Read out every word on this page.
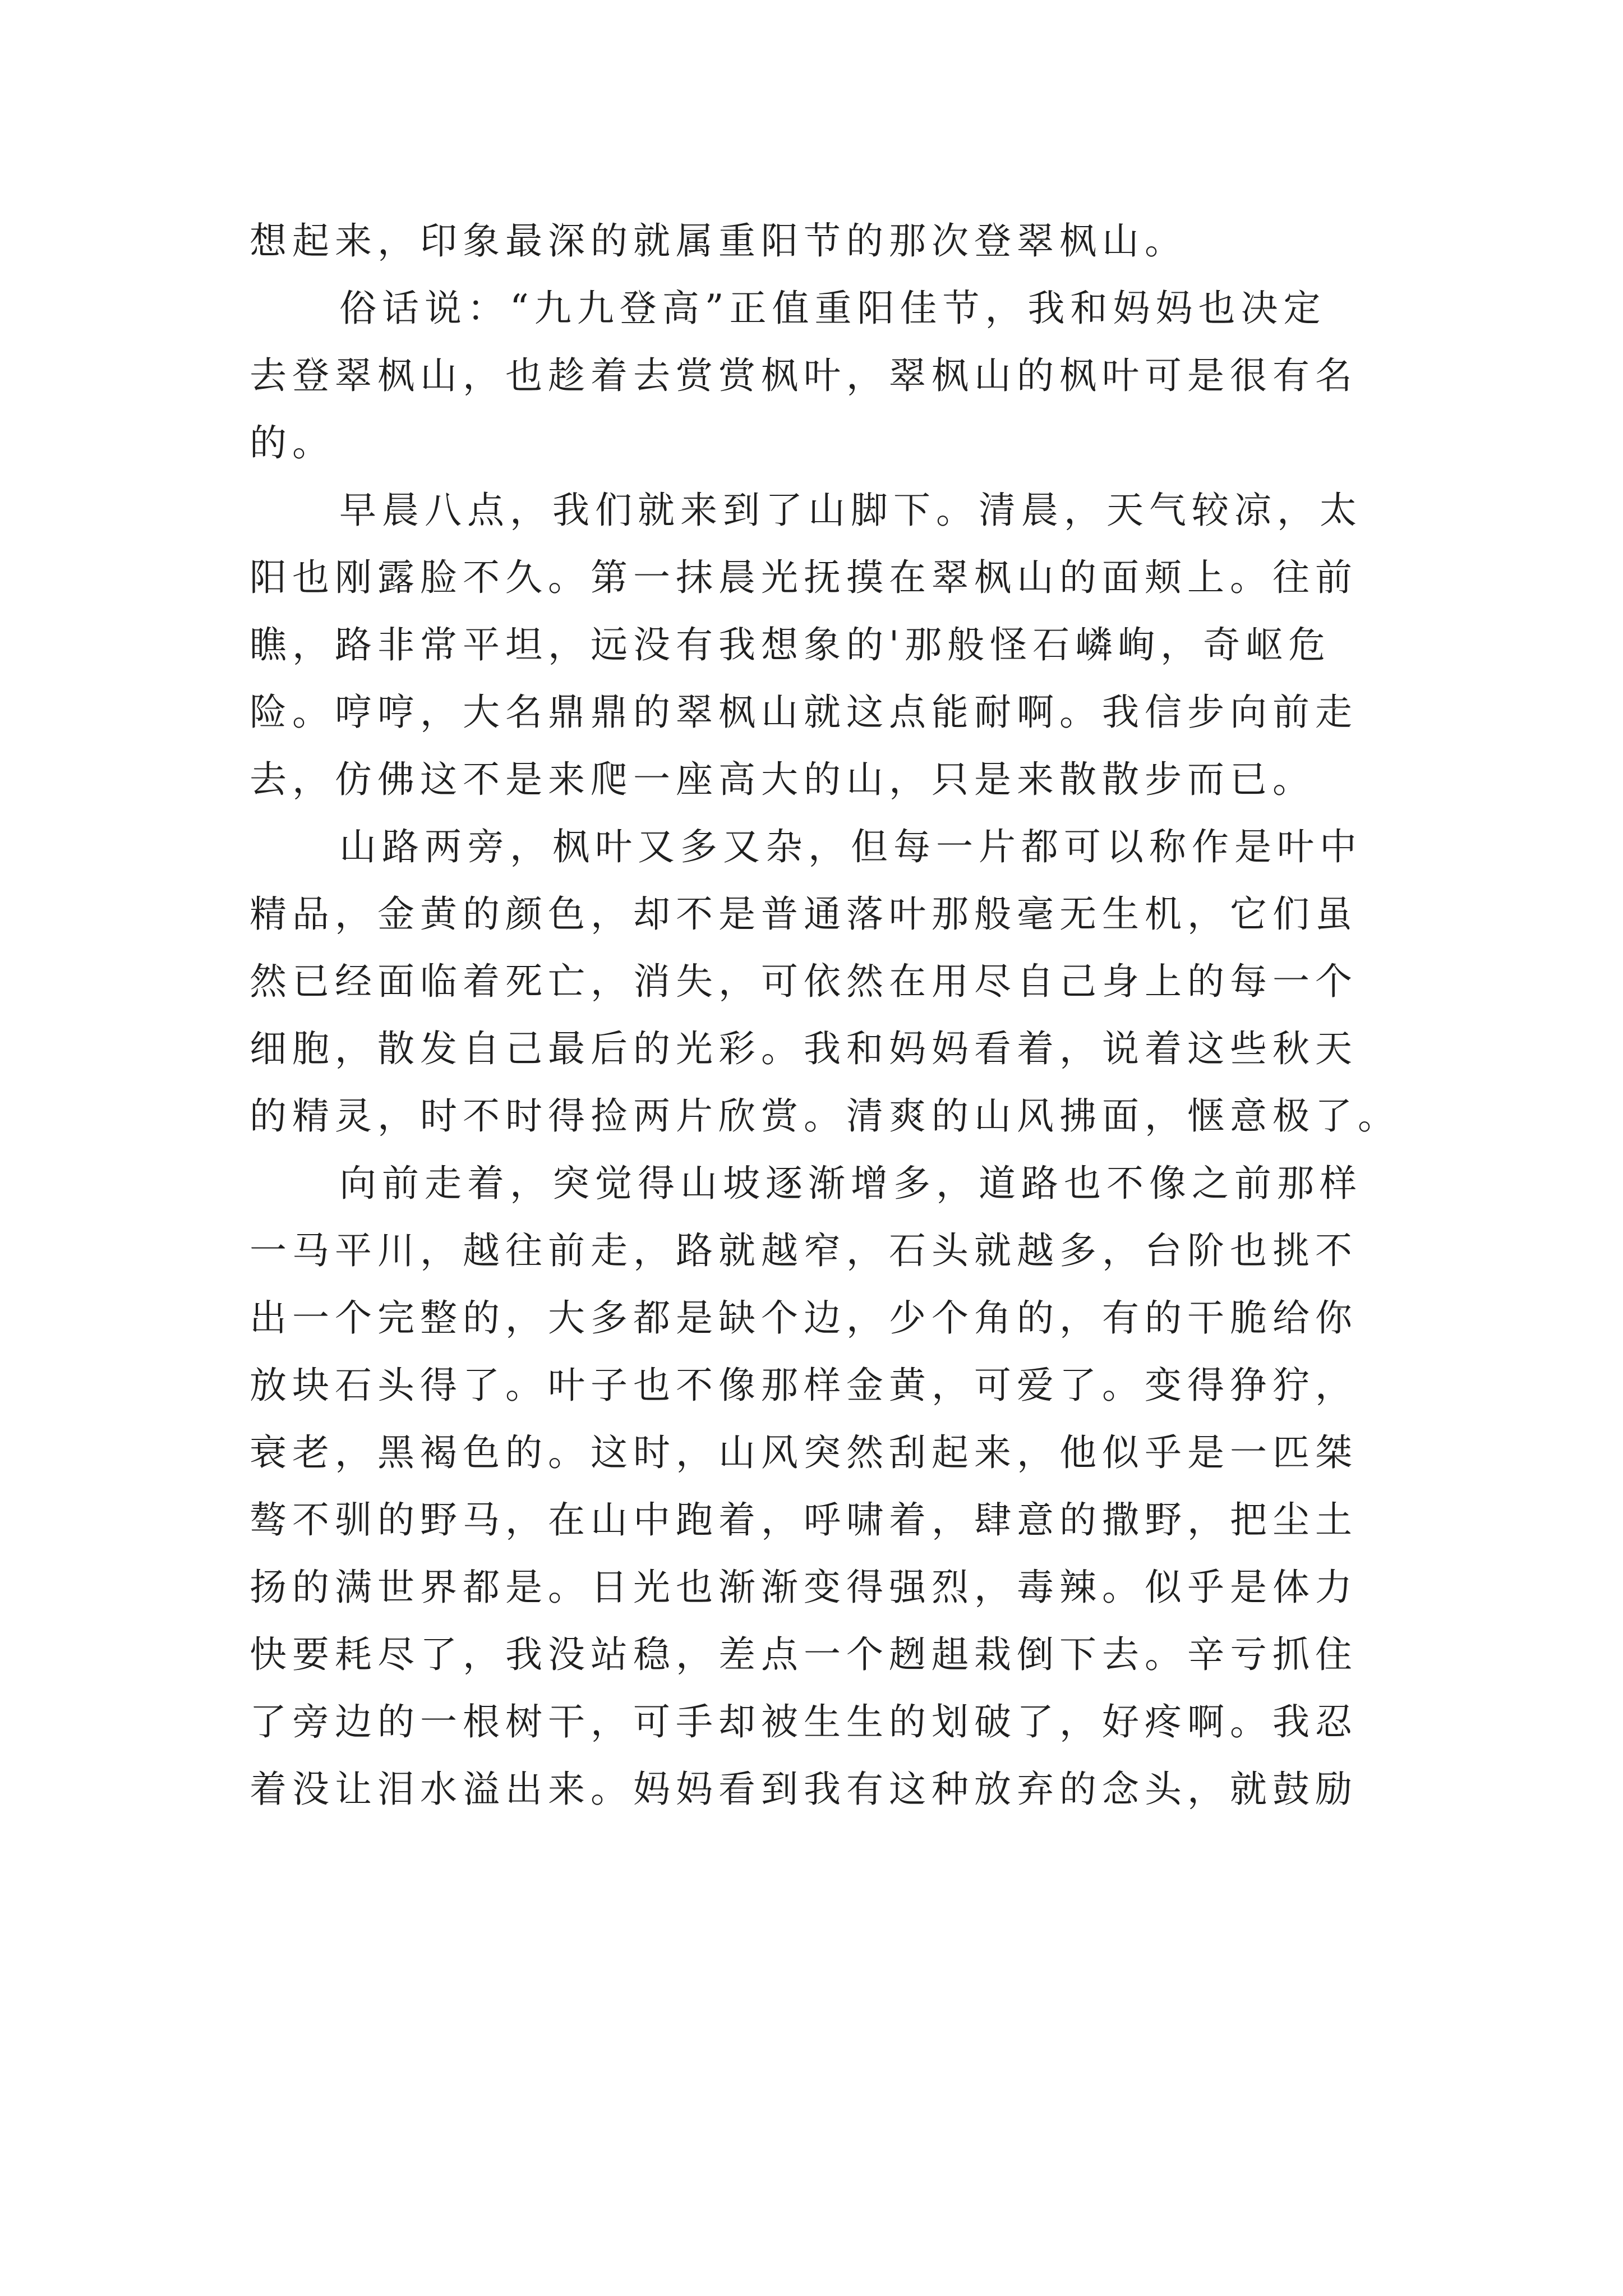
想起来，印象最深的就属重阳节的那次登翠枫山。
俗话说：“九九登高”正值重阳佳节，我和妈妈也决定
去登翠枫山，也趁着去赏赏枫叶，翠枫山的枫叶可是很有名
的。
早晨八点，我们就来到了山脚下。清晨，天气较凉，太
阳也刚露脸不久。第一抹晨光抚摸在翠枫山的面颊上。往前
瞧，路非常平坦，远没有我想象的'那般怪石嶙峋，奇岖危
险。哼哼，大名鼎鼎的翠枫山就这点能耐啊。我信步向前走
去，仿佛这不是来爬一座高大的山，只是来散散步而已。
山路两旁，枫叶又多又杂，但每一片都可以称作是叶中
精品，金黄的颜色，却不是普通落叶那般毫无生机，它们虽
然已经面临着死亡，消失，可依然在用尽自己身上的每一个
细胞，散发自己最后的光彩。我和妈妈看着，说着这些秋天
的精灵，时不时得捡两片欣赏。清爽的山风拂面，惬意极了。
向前走着，突觉得山坡逐渐增多，道路也不像之前那样
一马平川，越往前走，路就越窄，石头就越多，台阶也挑不
出一个完整的，大多都是缺个边，少个角的，有的干脆给你
放块石头得了。叶子也不像那样金黄，可爱了。变得狰狞，
衰老，黑褐色的。这时，山风突然刮起来，他似乎是一匹桀
骜不驯的野马，在山中跑着，呼啸着，肆意的撒野，把尘土
扬的满世界都是。日光也渐渐变得强烈，毒辣。似乎是体力
快要耗尽了，我没站稳，差点一个趔趄栽倒下去。辛亏抓住
了旁边的一根树干，可手却被生生的划破了，好疼啊。我忍
着没让泪水溢出来。妈妈看到我有这种放弃的念头，就鼓励
